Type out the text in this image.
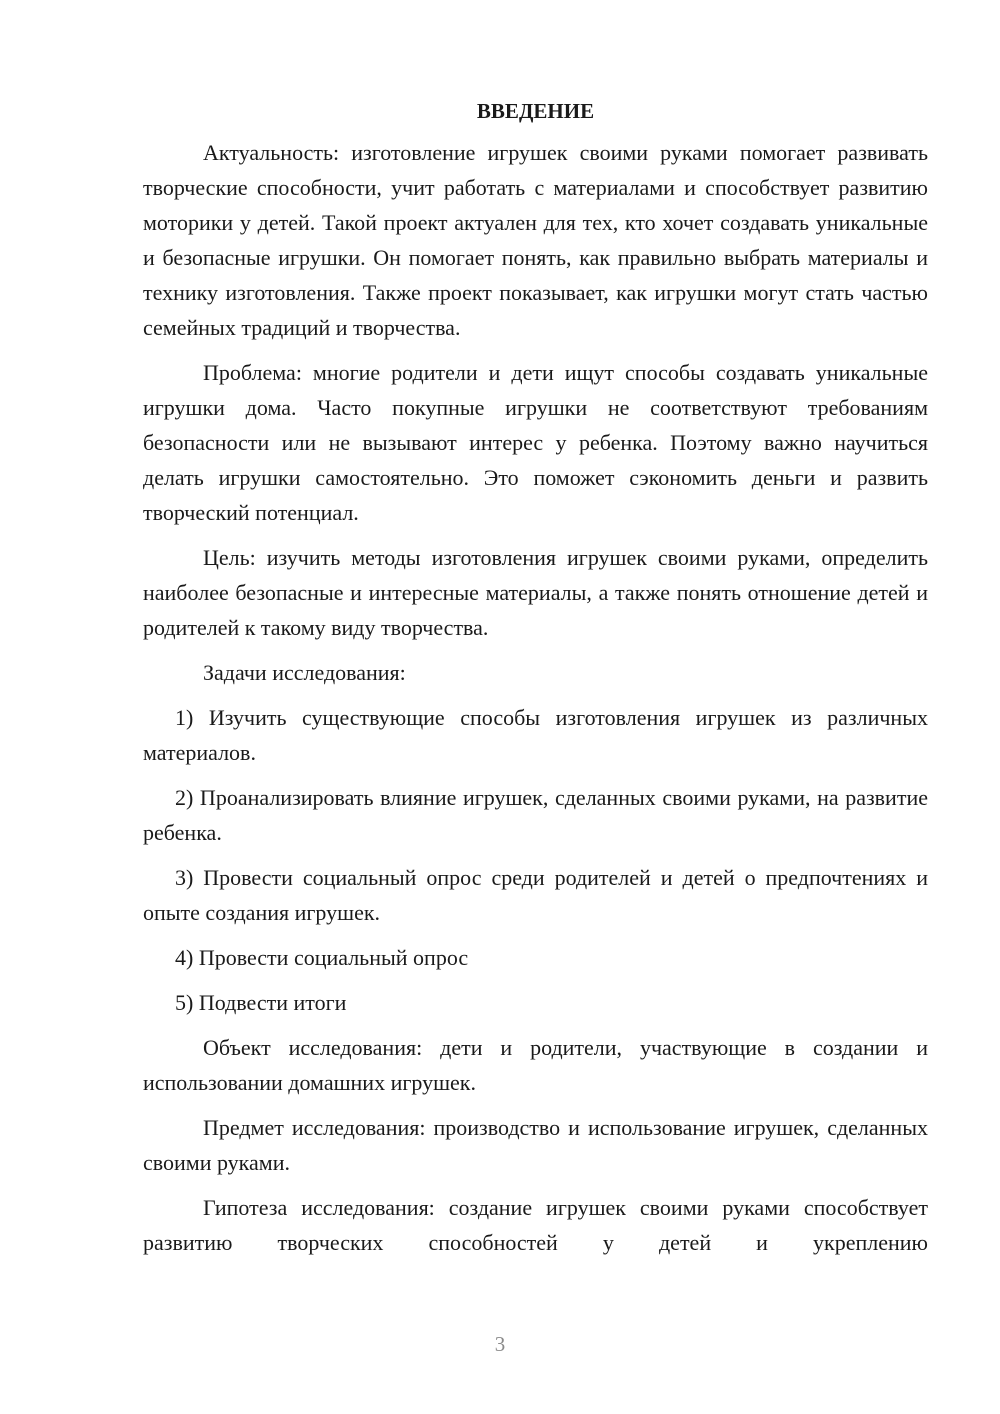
ВВЕДЕНИЕ

Актуальность: изготовление игрушек своими руками помогает развивать творческие способности, учит работать с материалами и способствует развитию моторики у детей. Такой проект актуален для тех, кто хочет создавать уникальные и безопасные игрушки. Он помогает понять, как правильно выбрать материалы и технику изготовления. Также проект показывает, как игрушки могут стать частью семейных традиций и творчества.

Проблема: многие родители и дети ищут способы создавать уникальные игрушки дома. Часто покупные игрушки не соответствуют требованиям безопасности или не вызывают интерес у ребенка. Поэтому важно научиться делать игрушки самостоятельно. Это поможет сэкономить деньги и развить творческий потенциал.

Цель: изучить методы изготовления игрушек своими руками, определить наиболее безопасные и интересные материалы, а также понять отношение детей и родителей к такому виду творчества.

Задачи исследования:

1) Изучить существующие способы изготовления игрушек из различных материалов.

2) Проанализировать влияние игрушек, сделанных своими руками, на развитие ребенка.

3) Провести социальный опрос среди родителей и детей о предпочтениях и опыте создания игрушек.

4) Провести социальный опрос

5) Подвести итоги

Объект исследования: дети и родители, участвующие в создании и использовании домашних игрушек.

Предмет исследования: производство и использование игрушек, сделанных своими руками.

Гипотеза исследования: создание игрушек своими руками способствует развитию творческих способностей у детей и укреплению

3
